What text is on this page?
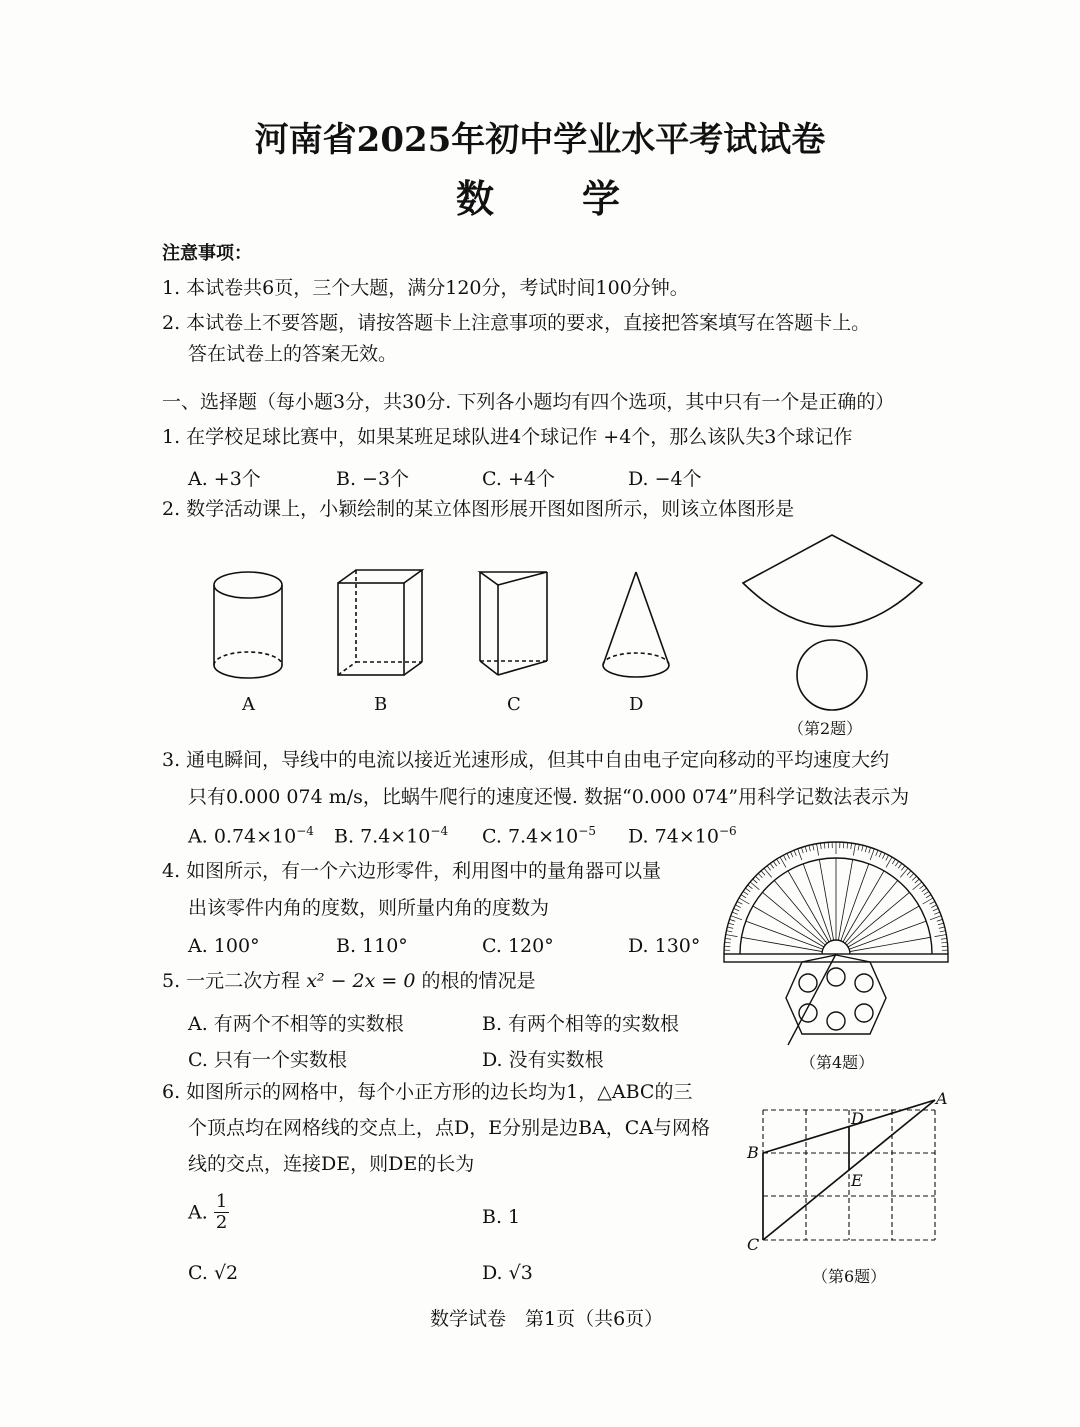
河南省2025年初中学业水平考试试卷
数　　学
注意事项：
1. 本试卷共6页，三个大题，满分120分，考试时间100分钟。
2. 本试卷上不要答题，请按答题卡上注意事项的要求，直接把答案填写在答题卡上。
答在试卷上的答案无效。
一、选择题（每小题3分，共30分. 下列各小题均有四个选项，其中只有一个是正确的）
1. 在学校足球比赛中，如果某班足球队进4个球记作 +4个，那么该队失3个球记作
A. +3个	B. −3个	C. +4个	D. −4个
2. 数学活动课上，小颖绘制的某立体图形展开图如图所示，则该立体图形是
A	B	C	D
（第2题）
3. 通电瞬间，导线中的电流以接近光速形成，但其中自由电子定向移动的平均速度大约
只有0.000 074 m/s，比蜗牛爬行的速度还慢. 数据“0.000 074”用科学记数法表示为
A. $0.74\times 10^{-4}$ B. $7.4\times 10^{-4}$ C. $7.4\times 10^{-5}$ D. $74\times 10^{-6}$
4. 如图所示，有一个六边形零件，利用图中的量角器可以量
出该零件内角的度数，则所量内角的度数为
A. 100°	B. 110°	C. 120°	D. 130°
（第4题）
5. 一元二次方程 x² − 2x = 0 的根的情况是
A. 有两个不相等的实数根	B. 有两个相等的实数根
C. 只有一个实数根	D. 没有实数根
6. 如图所示的网格中，每个小正方形的边长均为1，△ABC的三
个顶点均在网格线的交点上，点D，E分别是边BA，CA与网格
线的交点，连接DE，则DE的长为
A. $\frac{1}{2}$	B. 1
C. √2	D. √3
A
B
C
D
E
（第6题）
数学试卷　第1页（共6页）
